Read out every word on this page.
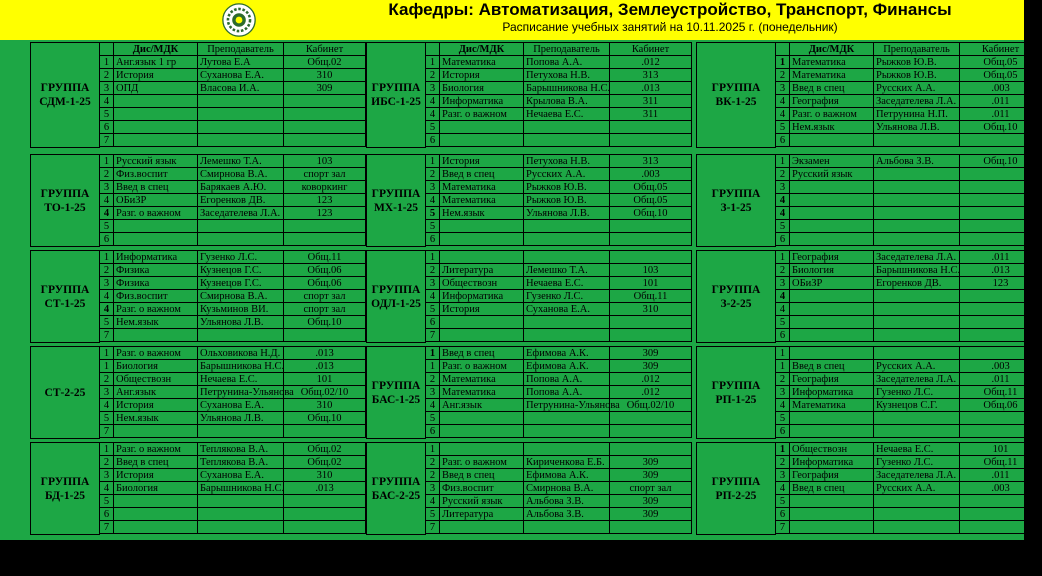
Кафедры: Автоматизация, Землеустройство, Транспорт, Финансы
Расписание учебных занятий на 10.11.2025 г. (понедельник)
ГРУППА
СДМ-1-25
	Дис/МДК	Преподаватель	Кабинет
1	Анг.язык 1 гр	Лутова Е.А	Общ.02
2	История	Суханова Е.А.	310
3	ОПД	Власова И.А.	309
4			
5			
6			
7			
ГРУППА
ТО-1-25
1	Русский язык	Лемешко Т.А.	103
2	Физ.воспит	Смирнова В.А.	спорт зал
3	Введ в спец	Барякаев А.Ю.	коворкинг
4	ОБиЗР	Егоренков ДВ.	123
4	Разг. о важном	Заседателева Л.А.	123
5			
6			
ГРУППА
СТ-1-25
1	Информатика	Гузенко Л.С.	Общ.11
2	Физика	Кузнецов Г.С.	Общ.06
3	Физика	Кузнецов Г.С.	Общ.06
4	Физ.воспит	Смирнова В.А.	спорт зал
4	Разг. о важном	Кузьминов ВИ.	спорт зал
5	Нем.язык	Ульянова Л.В.	Общ.10
7			
СТ-2-25
1	Разг. о важном	Ольховикова Н.Д.	.013
1	Биология	Барышникова Н.С.	.013
2	Обществозн	Нечаева Е.С.	101
3	Анг.язык	Петрунина-Ульянова	Общ.02/10
4	История	Суханова Е.А.	310
5	Нем.язык	Ульянова Л.В.	Общ.10
7			
ГРУППА
БД-1-25
1	Разг. о важном	Теплякова В.А.	Общ.02
2	Введ в спец	Теплякова В.А.	Общ.02
3	История	Суханова Е.А.	310
4	Биология	Барышникова Н.С.	.013
5			
6			
7			
ГРУППА
ИБС-1-25
	Дис/МДК	Преподаватель	Кабинет
1	Математика	Попова А.А.	.012
2	История	Петухова Н.В.	313
3	Биология	Барышникова Н.С.	.013
4	Информатика	Крылова В.А.	311
4	Разг. о важном	Нечаева Е.С.	311
5			
6			
ГРУППА
МХ-1-25
1	История	Петухова Н.В.	313
2	Введ в спец	Русских А.А.	.003
3	Математика	Рыжков Ю.В.	Общ.05
4	Математика	Рыжков Ю.В.	Общ.05
5	Нем.язык	Ульянова Л.В.	Общ.10
5			
6			
ГРУППА
ОДЛ-1-25
1			
2	Литература	Лемешко Т.А.	103
3	Обществозн	Нечаева Е.С.	101
4	Информатика	Гузенко Л.С.	Общ.11
5	История	Суханова Е.А.	310
6			
7			
ГРУППА
БАС-1-25
1	Введ в спец	Ефимова А.К.	309
1	Разг. о важном	Ефимова А.К.	309
2	Математика	Попова А.А.	.012
3	Математика	Попова А.А.	.012
4	Анг.язык	Петрунина-Ульянова	Общ.02/10
5			
6			
ГРУППА
БАС-2-25
1			
2	Разг. о важном	Кириченкова Е.Б.	309
2	Введ в спец	Ефимова А.К.	309
3	Физ.воспит	Смирнова В.А.	спорт зал
4	Русский язык	Альбова З.В.	309
5	Литература	Альбова З.В.	309
7			
ГРУППА
ВК-1-25
	Дис/МДК	Преподаватель	Кабинет
1	Математика	Рыжков Ю.В.	Общ.05
2	Математика	Рыжков Ю.В.	Общ.05
3	Введ в спец	Русских А.А.	.003
4	География	Заседателева Л.А.	.011
4	Разг. о важном	Петрунина Н.П.	.011
5	Нем.язык	Ульянова Л.В.	Общ.10
6			
ГРУППА
З-1-25
1	Экзамен	Альбова З.В.	Общ.10
2	Русский язык		
3			
4			
4			
5			
6			
ГРУППА
З-2-25
1	География	Заседателева Л.А.	.011
2	Биология	Барышникова Н.С.	.013
3	ОБиЗР	Егоренков ДВ.	123
4			
4			
5			
6			
ГРУППА
РП-1-25
1			
1	Введ в спец	Русских А.А.	.003
2	География	Заседателева Л.А.	.011
3	Информатика	Гузенко Л.С.	Общ.11
4	Математика	Кузнецов С.Г.	Общ.06
5			
6			
ГРУППА
РП-2-25
1	Обществозн	Нечаева Е.С.	101
2	Информатика	Гузенко Л.С.	Общ.11
3	География	Заседателева Л.А.	.011
4	Введ в спец	Русских А.А.	.003
5			
6			
7			
